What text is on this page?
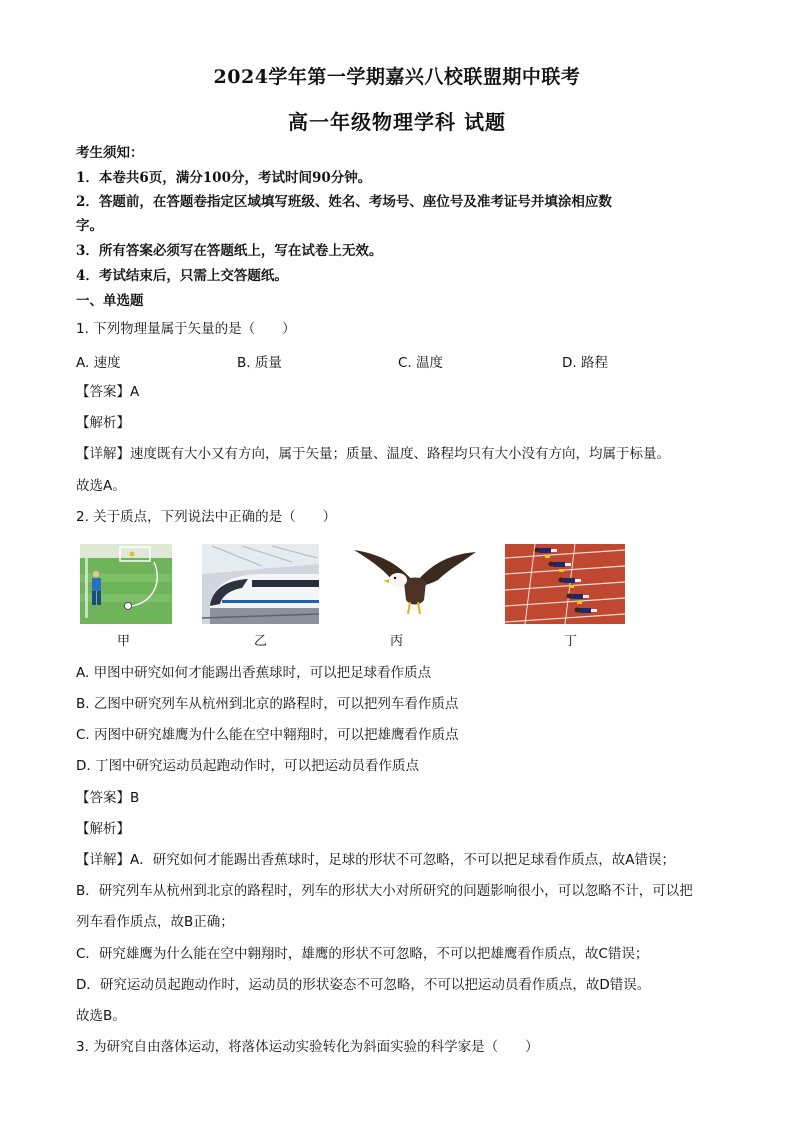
2024学年第一学期嘉兴八校联盟期中联考
高一年级物理学科 试题
考生须知：
1．本卷共6页，满分100分，考试时间90分钟。
2．答题前，在答题卷指定区域填写班级、姓名、考场号、座位号及准考证号并填涂相应数
字。
3．所有答案必须写在答题纸上，写在试卷上无效。
4．考试结束后，只需上交答题纸。
一、单选题
1. 下列物理量属于矢量的是（　　）
A. 速度	B. 质量	C. 温度	D. 路程
【答案】A
【解析】
【详解】速度既有大小又有方向，属于矢量；质量、温度、路程均只有大小没有方向，均属于标量。
故选A。
2. 关于质点，下列说法中正确的是（　　）
甲	乙	丙	丁
A. 甲图中研究如何才能踢出香蕉球时，可以把足球看作质点
B. 乙图中研究列车从杭州到北京的路程时，可以把列车看作质点
C. 丙图中研究雄鹰为什么能在空中翱翔时，可以把雄鹰看作质点
D. 丁图中研究运动员起跑动作时，可以把运动员看作质点
【答案】B
【解析】
【详解】A．研究如何才能踢出香蕉球时，足球的形状不可忽略，不可以把足球看作质点，故A错误；
B．研究列车从杭州到北京的路程时，列车的形状大小对所研究的问题影响很小，可以忽略不计，可以把
列车看作质点，故B正确；
C．研究雄鹰为什么能在空中翱翔时，雄鹰的形状不可忽略，不可以把雄鹰看作质点，故C错误；
D．研究运动员起跑动作时，运动员的形状姿态不可忽略，不可以把运动员看作质点，故D错误。
故选B。
3. 为研究自由落体运动，将落体运动实验转化为斜面实验的科学家是（　　）
